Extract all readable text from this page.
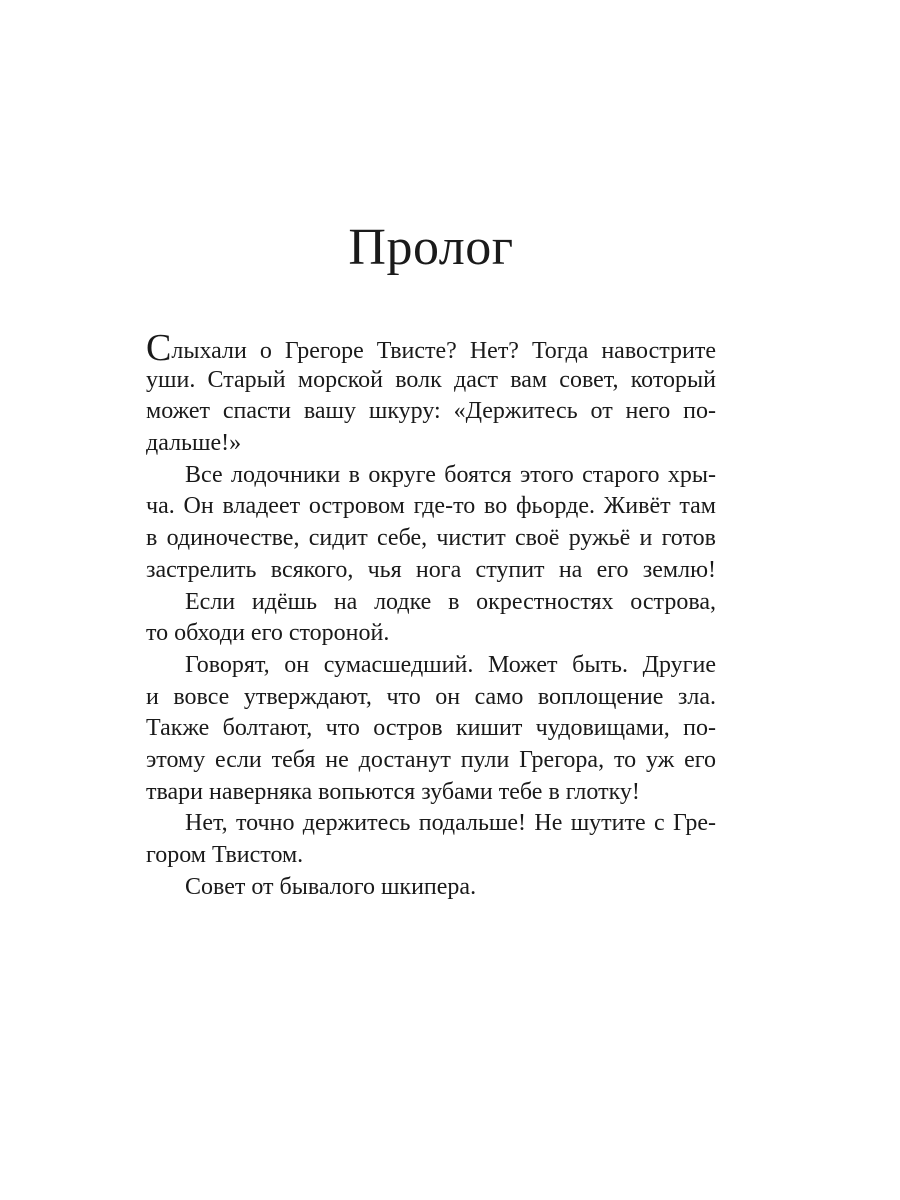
Пролог
Слыхали о Грегоре Твисте? Нет? Тогда навострите
уши. Старый морской волк даст вам совет, который
может спасти вашу шкуру: «Держитесь от него по-
дальше!»
Все лодочники в округе боятся этого старого хры-
ча. Он владеет островом где-то во фьорде. Живёт там
в одиночестве, сидит себе, чистит своё ружьё и готов
застрелить всякого, чья нога ступит на его землю!
Если идёшь на лодке в окрестностях острова,
то обходи его стороной.
Говорят, он сумасшедший. Может быть. Другие
и вовсе утверждают, что он само воплощение зла.
Также болтают, что остров кишит чудовищами, по-
этому если тебя не достанут пули Грегора, то уж его
твари наверняка вопьются зубами тебе в глотку!
Нет, точно держитесь подальше! Не шутите с Гре-
гором Твистом.
Совет от бывалого шкипера.
